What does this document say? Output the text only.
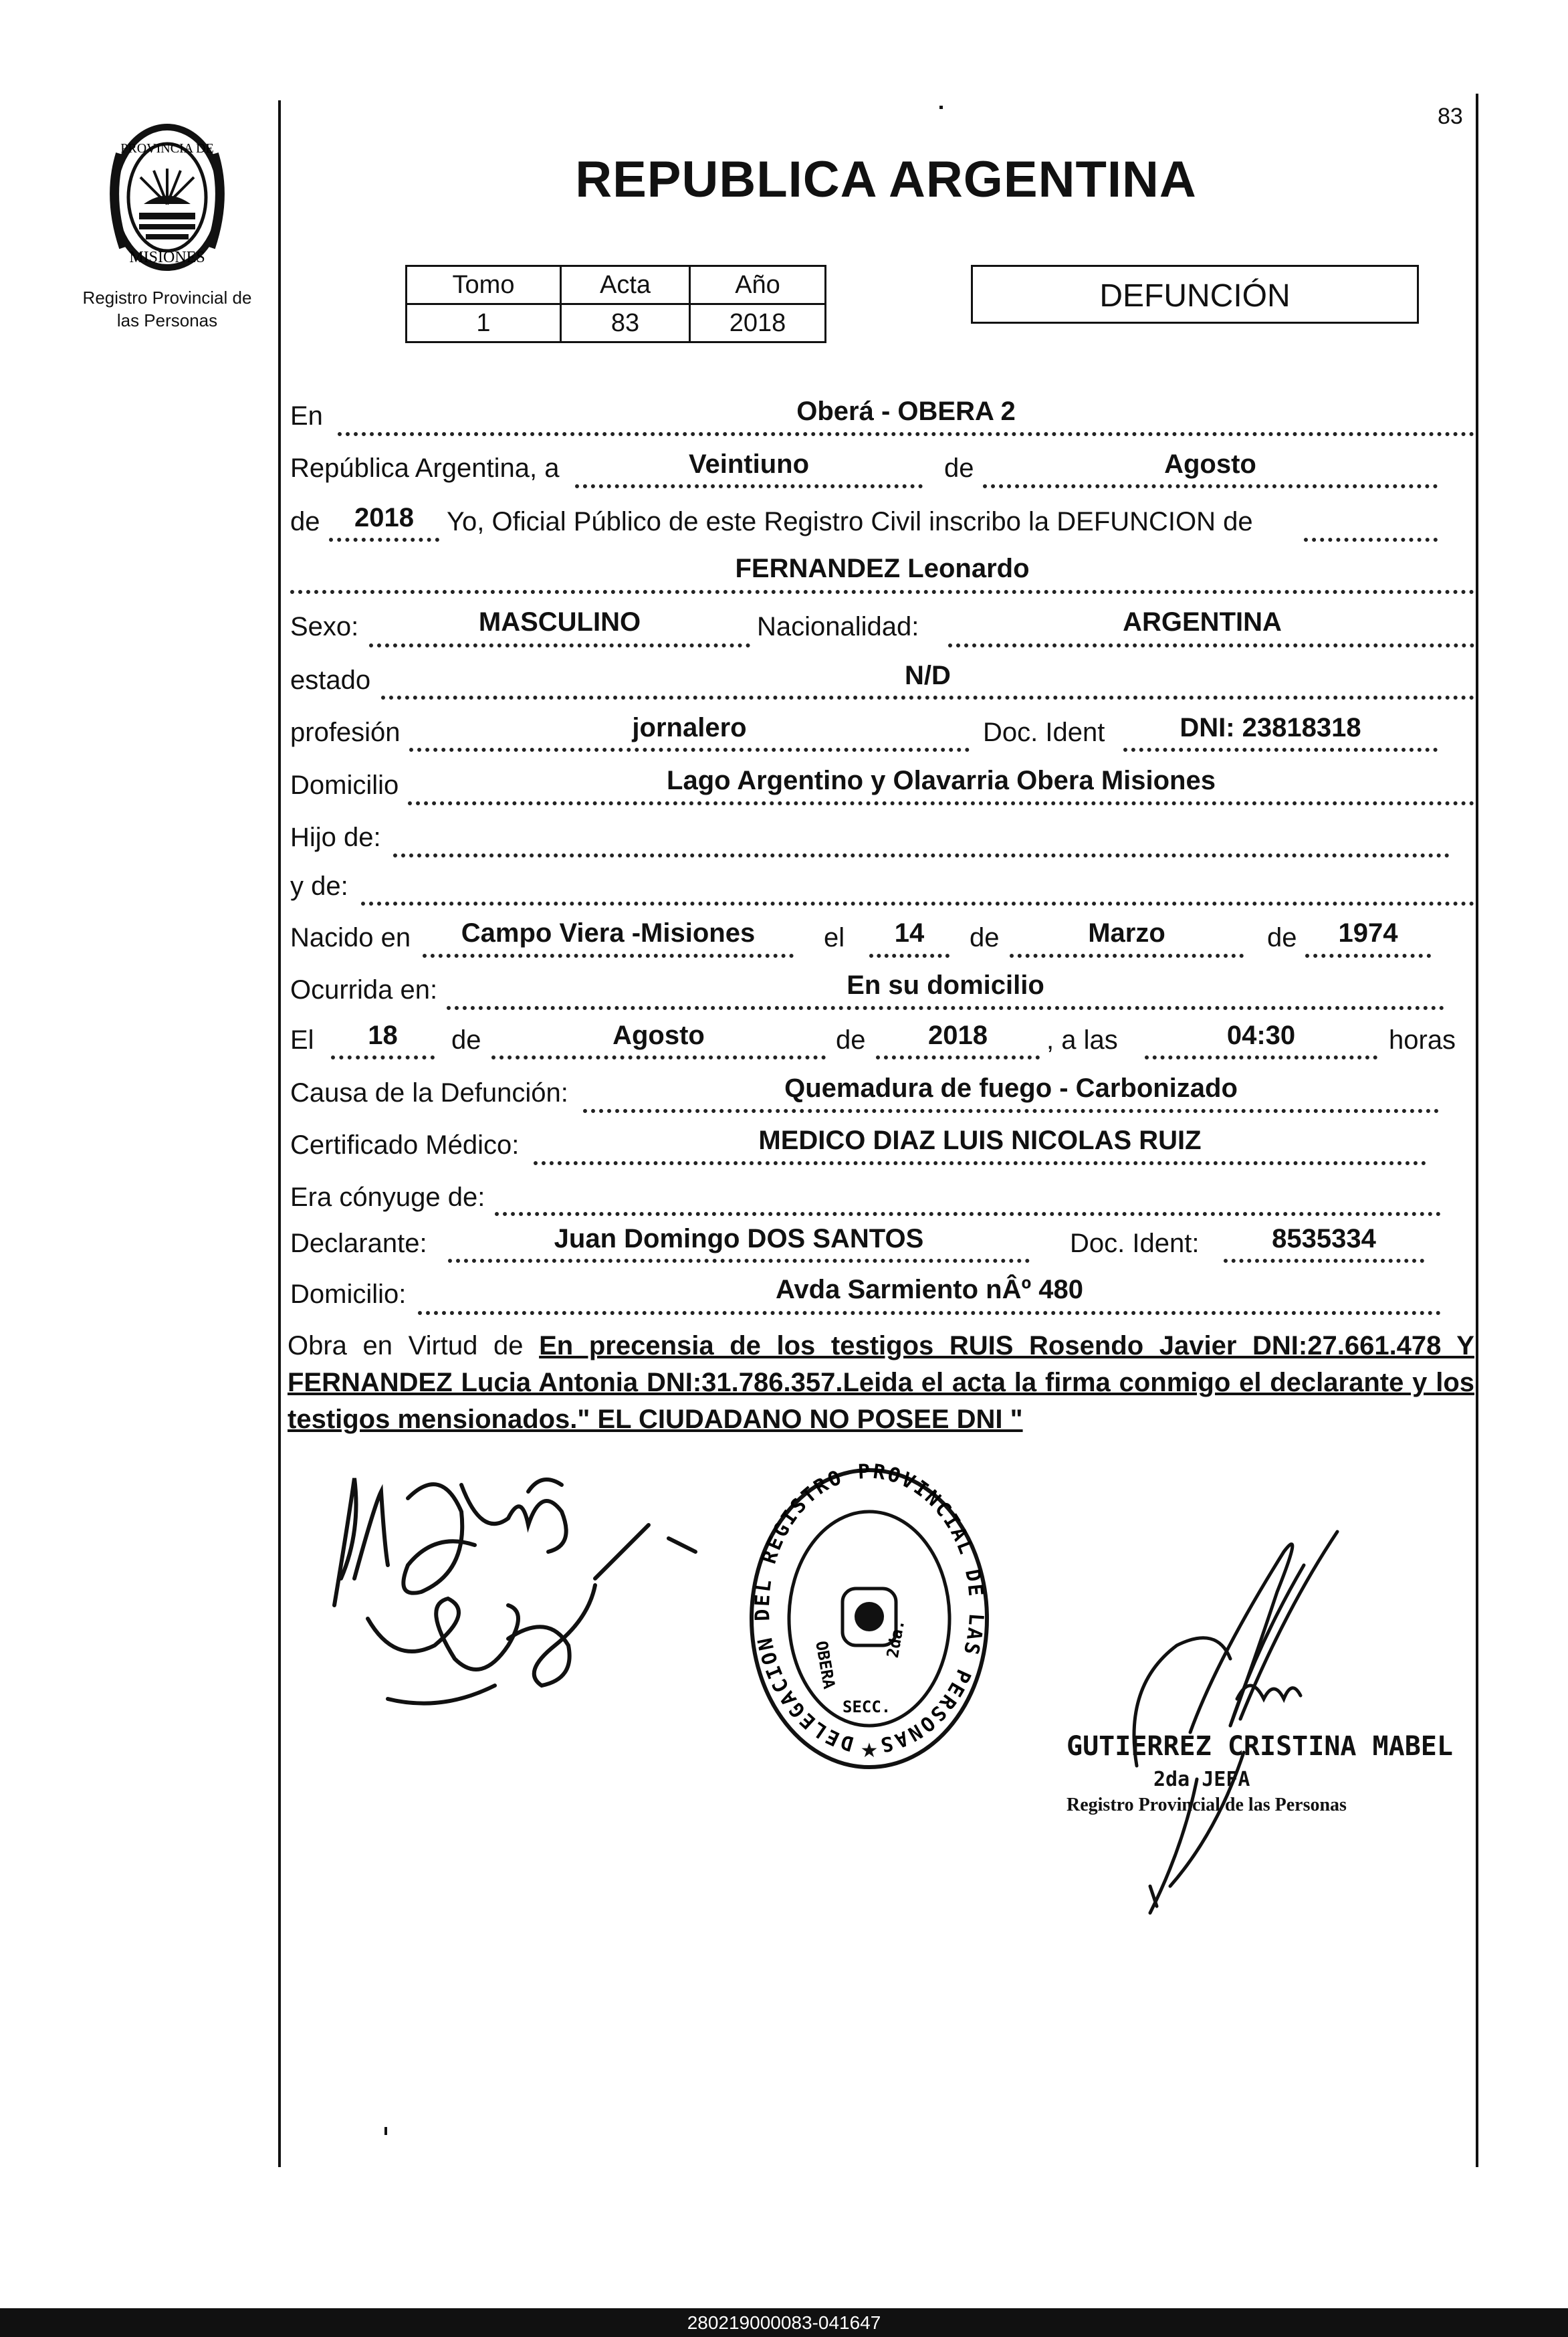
83
PROVINCIA DE
MISIONES
Registro Provincial de
las Personas
REPUBLICA ARGENTINA
Tomo	Acta	Año
1	83	2018
DEFUNCIÓN
En	Oberá - OBERA 2
República Argentina, a	Veintiuno	de	Agosto
de	2018	Yo, Oficial Público de este Registro Civil inscribo la DEFUNCION de
FERNANDEZ Leonardo
Sexo:	MASCULINO	Nacionalidad:	ARGENTINA
estado	N/D
profesión	jornalero	Doc. Ident	DNI: 23818318
Domicilio	Lago Argentino y Olavarria Obera Misiones
Hijo de:
y de:
Nacido en	Campo Viera -Misiones	el	14	de	Marzo	de	1974
Ocurrida en:	En su domicilio
El	18	de	Agosto	de	2018	, a las	04:30	horas
Causa de la Defunción:	Quemadura de fuego - Carbonizado
Certificado Médico:	MEDICO DIAZ LUIS NICOLAS RUIZ
Era cónyuge de:
Declarante:	Juan Domingo DOS SANTOS	Doc. Ident:	8535334
Domicilio:	Avda Sarmiento nÂº 480
Obra en Virtud de En precensia de los testigos RUIS Rosendo Javier DNI:27.661.478 Y FERNANDEZ Lucia Antonia DNI:31.786.357.Leida el acta la firma conmigo el declarante y los testigos mensionados." EL CIUDADANO NO POSEE DNI "
DELEGACION DEL REGISTRO PROVINCIAL DE LAS PERSONAS
OBERA
SECC.
2da.
★	GUTIERREZ CRISTINA MABEL
2da JEFA
Registro Provincial de las Personas
280219000083-041647
